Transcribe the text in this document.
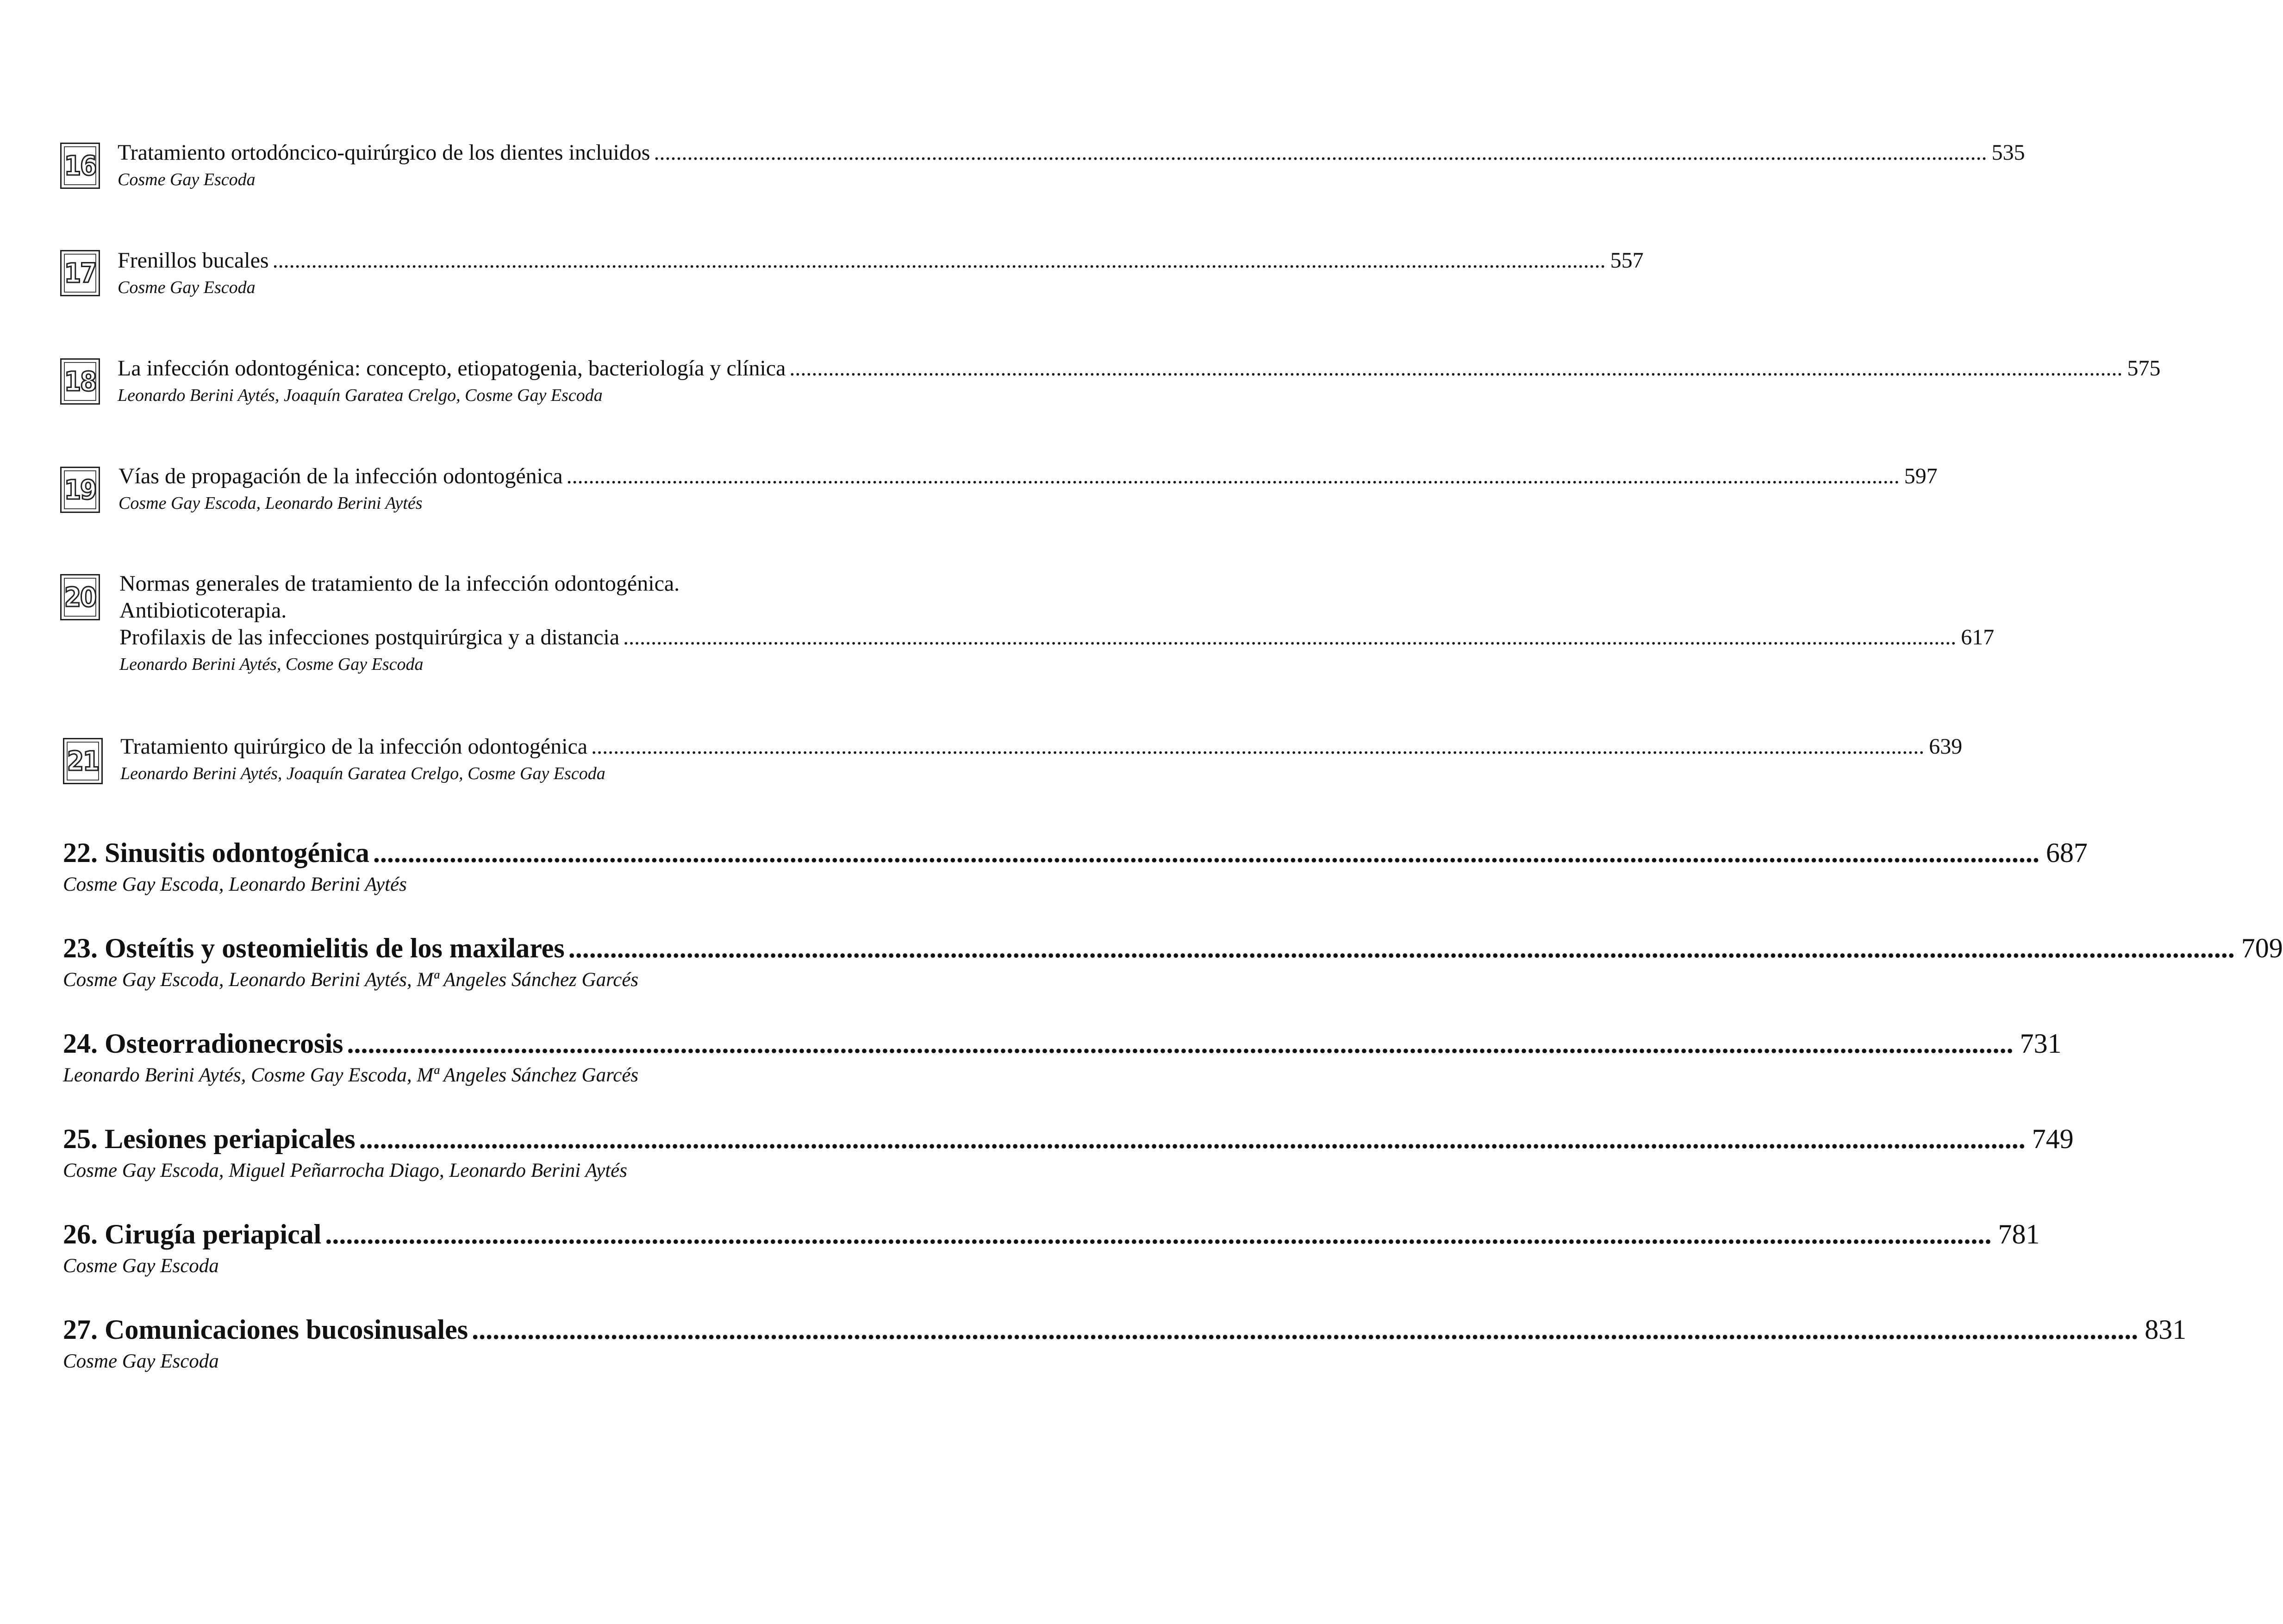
16 Tratamiento ortodóncico-quirúrgico de los dientes incluidos ................................................................................................................................................................................................................................................ 535
Cosme Gay Escoda
17 Frenillos bucales ................................................................................................................................................................................................................................................ 557
Cosme Gay Escoda
18 La infección odontogénica: concepto, etiopatogenia, bacteriología y clínica ................................................................................................................................................................................................................................................ 575
Leonardo Berini Aytés, Joaquín Garatea Crelgo, Cosme Gay Escoda
19 Vías de propagación de la infección odontogénica ................................................................................................................................................................................................................................................ 597
Cosme Gay Escoda, Leonardo Berini Aytés
20 Normas generales de tratamiento de la infección odontogénica.
Antibioticoterapia.
Profilaxis de las infecciones postquirúrgica y a distancia ................................................................................................................................................................................................................................................ 617
Leonardo Berini Aytés, Cosme Gay Escoda
21 Tratamiento quirúrgico de la infección odontogénica ................................................................................................................................................................................................................................................ 639
Leonardo Berini Aytés, Joaquín Garatea Crelgo, Cosme Gay Escoda
22. Sinusitis odontogénica ................................................................................................................................................................................................................................................ 687
Cosme Gay Escoda, Leonardo Berini Aytés
23. Osteítis y osteomielitis de los maxilares ................................................................................................................................................................................................................................................ 709
Cosme Gay Escoda, Leonardo Berini Aytés, Mª Angeles Sánchez Garcés
24. Osteorradionecrosis ................................................................................................................................................................................................................................................ 731
Leonardo Berini Aytés, Cosme Gay Escoda, Mª Angeles Sánchez Garcés
25. Lesiones periapicales ................................................................................................................................................................................................................................................ 749
Cosme Gay Escoda, Miguel Peñarrocha Diago, Leonardo Berini Aytés
26. Cirugía periapical ................................................................................................................................................................................................................................................ 781
Cosme Gay Escoda
27. Comunicaciones bucosinusales ................................................................................................................................................................................................................................................ 831
Cosme Gay Escoda
